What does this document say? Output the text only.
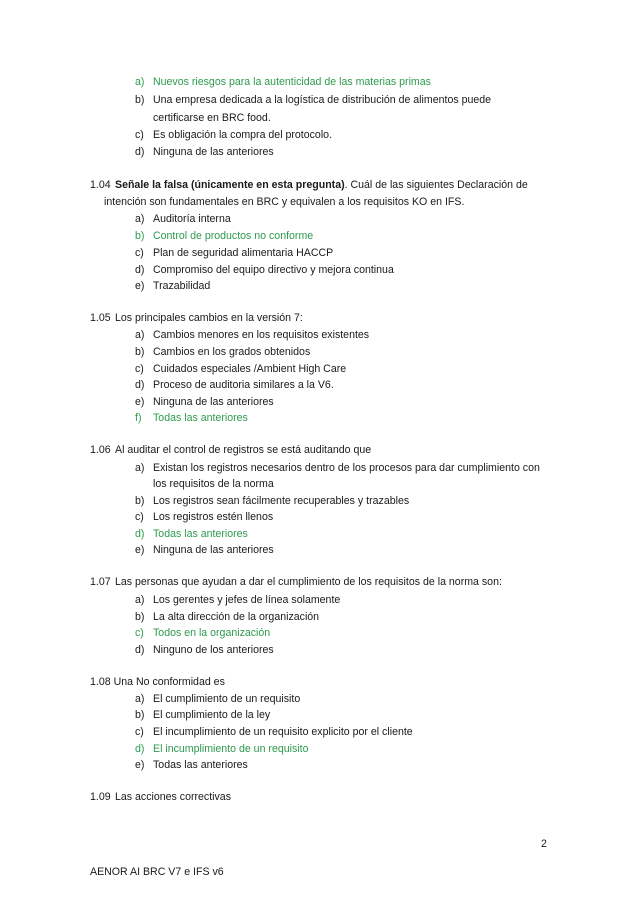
a) Nuevos riesgos para la autenticidad de las materias primas
b) Una empresa dedicada a la logística de distribución de alimentos puede
certificarse en BRC food.
c) Es obligación la compra del protocolo.
d) Ninguna de las anteriores
1.04 Señale la falsa (únicamente en esta pregunta). Cuál de las siguientes Declaración de
intención son fundamentales en BRC y equivalen a los requisitos KO en IFS.
a) Auditoría interna
b) Control de productos no conforme
c) Plan de seguridad alimentaria HACCP
d) Compromiso del equipo directivo y mejora continua
e) Trazabilidad
1.05 Los principales cambios en la versión 7:
a) Cambios menores en los requisitos existentes
b) Cambios en los grados obtenidos
c) Cuidados especiales /Ambient High Care
d) Proceso de auditoria similares a la V6.
e) Ninguna de las anteriores
f) Todas las anteriores
1.06 Al auditar el control de registros se está auditando que
a) Existan los registros necesarios dentro de los procesos para dar cumplimiento con
los requisitos de la norma
b) Los registros sean fácilmente recuperables y trazables
c) Los registros estén llenos
d) Todas las anteriores
e) Ninguna de las anteriores
1.07 Las personas que ayudan a dar el cumplimiento de los requisitos de la norma son:
a) Los gerentes y jefes de línea solamente
b) La alta dirección de la organización
c) Todos en la organización
d) Ninguno de los anteriores
1.08 Una No conformidad es
a) El cumplimiento de un requisito
b) El cumplimiento de la ley
c) El incumplimiento de un requisito explicito por el cliente
d) El incumplimiento de un requisito
e) Todas las anteriores
1.09 Las acciones correctivas
2
AENOR AI BRC V7 e IFS v6
